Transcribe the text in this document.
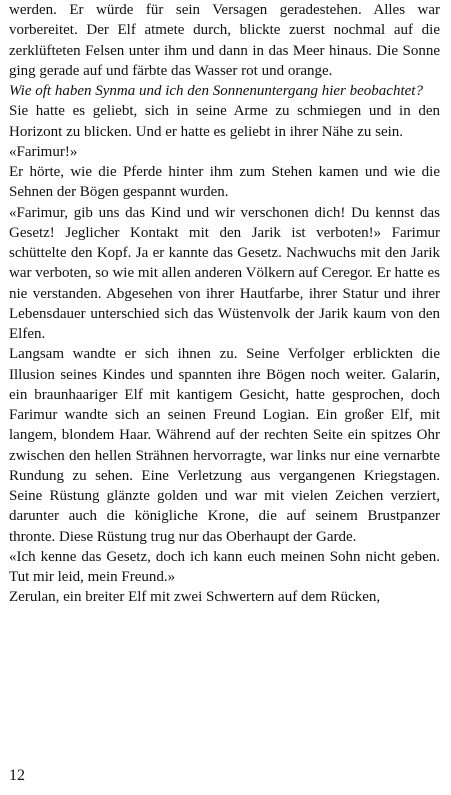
werden. Er würde für sein Versagen geradestehen. Alles war vorbereitet. Der Elf atmete durch, blickte zuerst nochmal auf die zerklüfteten Felsen unter ihm und dann in das Meer hinaus. Die Sonne ging gerade auf und färbte das Wasser rot und orange.

Wie oft haben Synma und ich den Sonnenuntergang hier beobachtet?

Sie hatte es geliebt, sich in seine Arme zu schmiegen und in den Horizont zu blicken. Und er hatte es geliebt in ihrer Nähe zu sein.

«Farimur!»

Er hörte, wie die Pferde hinter ihm zum Stehen kamen und wie die Sehnen der Bögen gespannt wurden.

«Farimur, gib uns das Kind und wir verschonen dich! Du kennst das Gesetz! Jeglicher Kontakt mit den Jarik ist verboten!» Farimur schüttelte den Kopf. Ja er kannte das Gesetz. Nachwuchs mit den Jarik war verboten, so wie mit allen anderen Völkern auf Ceregor. Er hatte es nie verstanden. Abgesehen von ihrer Hautfarbe, ihrer Statur und ihrer Lebensdauer unterschied sich das Wüstenvolk der Jarik kaum von den Elfen.

Langsam wandte er sich ihnen zu. Seine Verfolger erblickten die Illusion seines Kindes und spannten ihre Bögen noch weiter. Galarin, ein braunhaariger Elf mit kantigem Gesicht, hatte gesprochen, doch Farimur wandte sich an seinen Freund Logian. Ein großer Elf, mit langem, blondem Haar. Während auf der rechten Seite ein spitzes Ohr zwischen den hellen Strähnen hervorragte, war links nur eine vernarbte Rundung zu sehen. Eine Verletzung aus vergangenen Kriegstagen. Seine Rüstung glänzte golden und war mit vielen Zeichen verziert, darunter auch die königliche Krone, die auf seinem Brustpanzer thronte. Diese Rüstung trug nur das Oberhaupt der Garde.

«Ich kenne das Gesetz, doch ich kann euch meinen Sohn nicht geben. Tut mir leid, mein Freund.»

Zerulan, ein breiter Elf mit zwei Schwertern auf dem Rücken,

12
